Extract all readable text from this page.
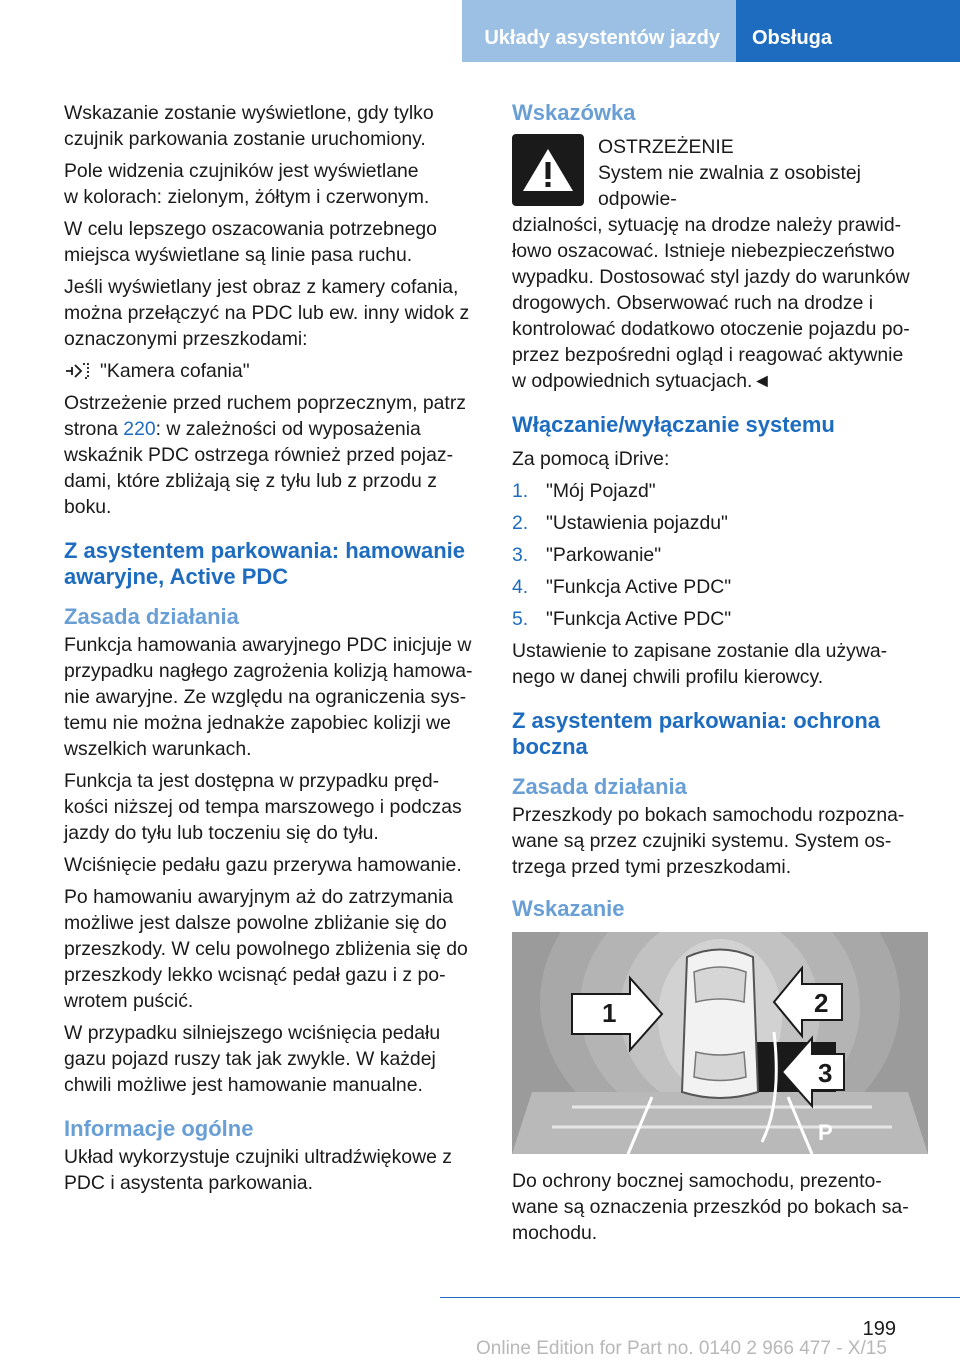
Układy asystentów jazdy	Obsługa

Wskazanie zostanie wyświetlone, gdy tylko
czujnik parkowania zostanie uruchomiony.

Pole widzenia czujników jest wyświetlane
w kolorach: zielonym, żółtym i czerwonym.

W celu lepszego oszacowania potrzebnego
miejsca wyświetlane są linie pasa ruchu.

Jeśli wyświetlany jest obraz z kamery cofania,
można przełączyć na PDC lub ew. inny widok z
oznaczonymi przeszkodami:

"Kamera cofania"

Ostrzeżenie przed ruchem poprzecznym, patrz
strona 220: w zależności od wyposażenia
wskaźnik PDC ostrzega również przed pojaz-
dami, które zbliżają się z tyłu lub z przodu z
boku.

Z asystentem parkowania: hamowanie
awaryjne, Active PDC
Zasada działania

Funkcja hamowania awaryjnego PDC inicjuje w
przypadku nagłego zagrożenia kolizją hamowa-
nie awaryjne. Ze względu na ograniczenia sys-
temu nie można jednakże zapobiec kolizji we
wszelkich warunkach.

Funkcja ta jest dostępna w przypadku pręd-
kości niższej od tempa marszowego i podczas
jazdy do tyłu lub toczeniu się do tyłu.

Wciśnięcie pedału gazu przerywa hamowanie.

Po hamowaniu awaryjnym aż do zatrzymania
możliwe jest dalsze powolne zbliżanie się do
przeszkody. W celu powolnego zbliżenia się do
przeszkody lekko wcisnąć pedał gazu i z po-
wrotem puścić.

W przypadku silniejszego wciśnięcia pedału
gazu pojazd ruszy tak jak zwykle. W każdej
chwili możliwe jest hamowanie manualne.

Informacje ogólne

Układ wykorzystuje czujniki ultradźwiękowe z
PDC i asystenta parkowania.

Wskazówka
OSTRZEŻENIE
System nie zwalnia z osobistej odpowie-

dzialności, sytuację na drodze należy prawid-
łowo oszacować. Istnieje niebezpieczeństwo
wypadku. Dostosować styl jazdy do warunków
drogowych. Obserwować ruch na drodze i
kontrolować dodatkowo otoczenie pojazdu po-
przez bezpośredni ogląd i reagować aktywnie
w odpowiednich sytuacjach.◄

Włączanie/wyłączanie systemu

Za pomocą iDrive:

1. "Mój Pojazd"
2. "Ustawienia pojazdu"
3. "Parkowanie"
4. "Funkcja Active PDC"
5. "Funkcja Active PDC"

Ustawienie to zapisane zostanie dla używa-
nego w danej chwili profilu kierowcy.

Z asystentem parkowania: ochrona
boczna
Zasada działania

Przeszkody po bokach samochodu rozpozna-
wane są przez czujniki systemu. System os-
trzega przed tymi przeszkodami.

Wskazanie
1	2
3
P

Do ochrony bocznej samochodu, prezento-
wane są oznaczenia przeszkód po bokach sa-
mochodu.

199
Online Edition for Part no. 0140 2 966 477 - X/15
